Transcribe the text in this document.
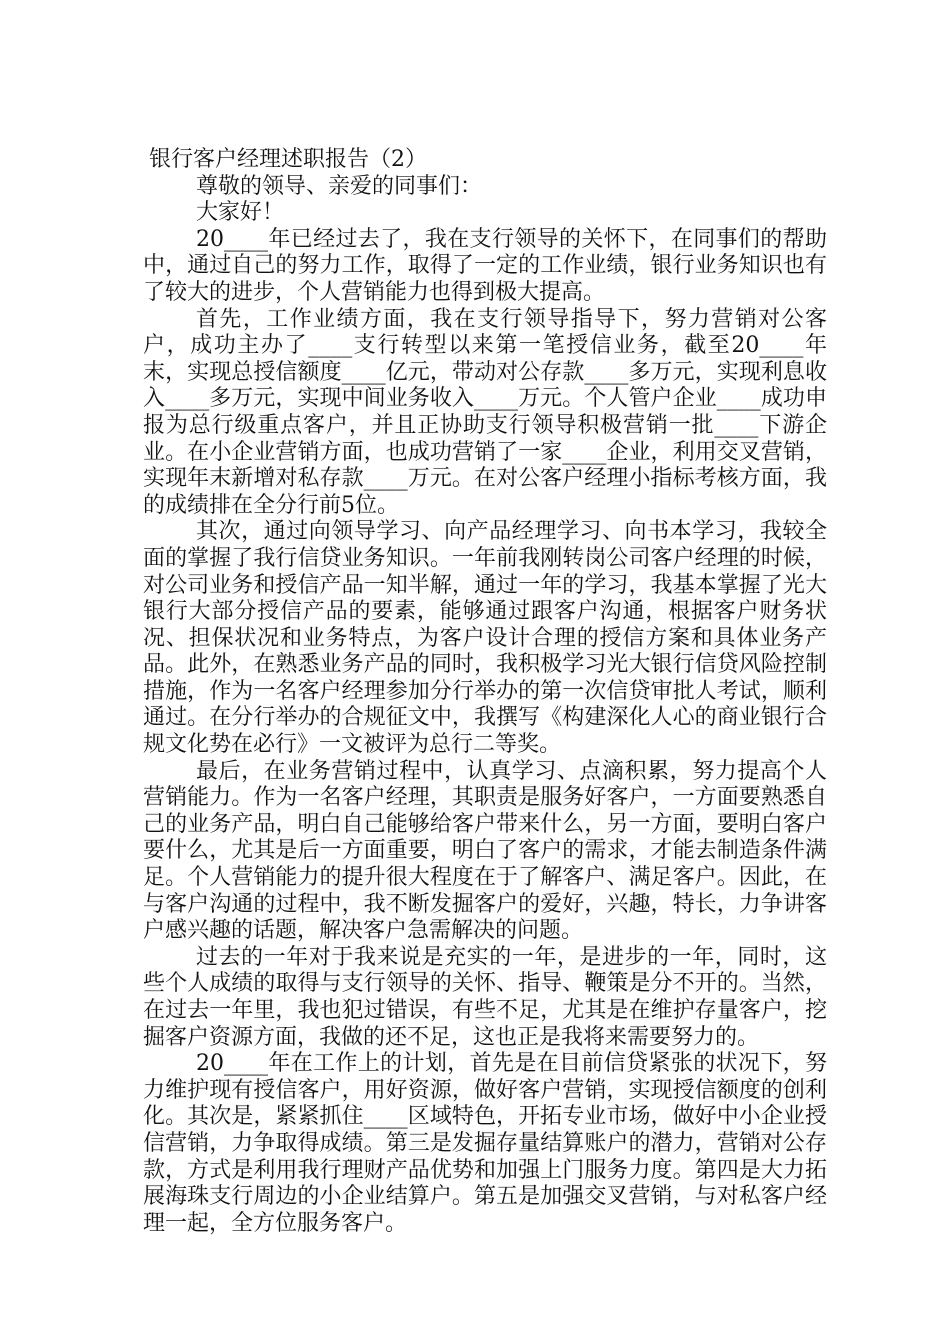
银行客户经理述职报告（2）

尊敬的领导、亲爱的同事们：

大家好！

20____年已经过去了，我在支行领导的关怀下，在同事们的帮助中，通过自己的努力工作，取得了一定的工作业绩，银行业务知识也有了较大的进步，个人营销能力也得到极大提高。

首先，工作业绩方面，我在支行领导指导下，努力营销对公客户，成功主办了____支行转型以来第一笔授信业务，截至20____年末，实现总授信额度____亿元，带动对公存款____多万元，实现利息收入____多万元，实现中间业务收入____万元。个人管户企业____成功申报为总行级重点客户，并且正协助支行领导积极营销一批____下游企业。在小企业营销方面，也成功营销了一家____企业，利用交叉营销，实现年末新增对私存款____万元。在对公客户经理小指标考核方面，我的成绩排在全分行前5位。

其次，通过向领导学习、向产品经理学习、向书本学习，我较全面的掌握了我行信贷业务知识。一年前我刚转岗公司客户经理的时候，对公司业务和授信产品一知半解，通过一年的学习，我基本掌握了光大银行大部分授信产品的要素，能够通过跟客户沟通，根据客户财务状况、担保状况和业务特点，为客户设计合理的授信方案和具体业务产品。此外，在熟悉业务产品的同时，我积极学习光大银行信贷风险控制措施，作为一名客户经理参加分行举办的第一次信贷审批人考试，顺利通过。在分行举办的合规征文中，我撰写《构建深化人心的商业银行合规文化势在必行》一文被评为总行二等奖。

最后，在业务营销过程中，认真学习、点滴积累，努力提高个人营销能力。作为一名客户经理，其职责是服务好客户，一方面要熟悉自己的业务产品，明白自己能够给客户带来什么，另一方面，要明白客户要什么，尤其是后一方面重要，明白了客户的需求，才能去制造条件满足。个人营销能力的提升很大程度在于了解客户、满足客户。因此，在与客户沟通的过程中，我不断发掘客户的爱好，兴趣，特长，力争讲客户感兴趣的话题，解决客户急需解决的问题。

过去的一年对于我来说是充实的一年，是进步的一年，同时，这些个人成绩的取得与支行领导的关怀、指导、鞭策是分不开的。当然，在过去一年里，我也犯过错误，有些不足，尤其是在维护存量客户，挖掘客户资源方面，我做的还不足，这也正是我将来需要努力的。

20____年在工作上的计划，首先是在目前信贷紧张的状况下，努力维护现有授信客户，用好资源，做好客户营销，实现授信额度的创利化。其次是，紧紧抓住____区域特色，开拓专业市场，做好中小企业授信营销，力争取得成绩。第三是发掘存量结算账户的潜力，营销对公存款，方式是利用我行理财产品优势和加强上门服务力度。第四是大力拓展海珠支行周边的小企业结算户。第五是加强交叉营销，与对私客户经理一起，全方位服务客户。
